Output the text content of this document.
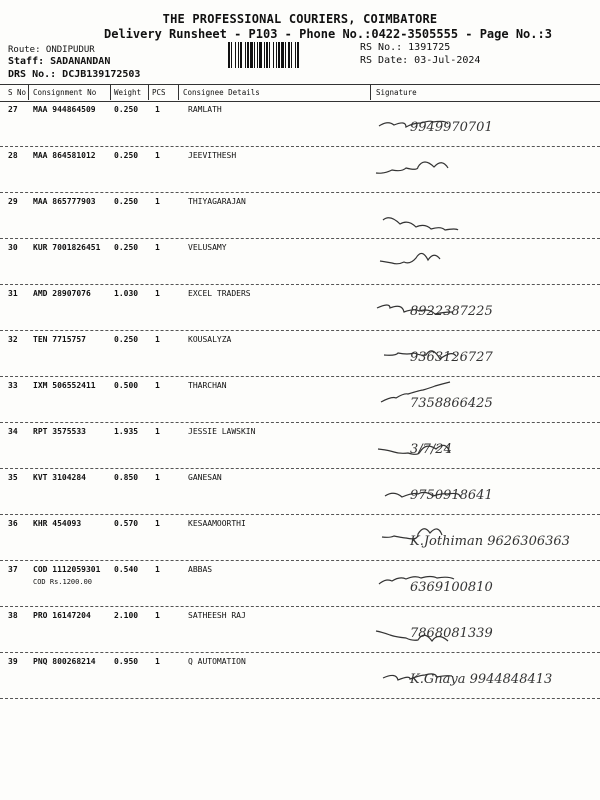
THE PROFESSIONAL COURIERS, COIMBATORE
Delivery Runsheet - P103 - Phone No.:0422-3505555 - Page No.:3
Route: ONDIPUDUR
Staff: SADANANDAN
DRS No.: DCJB139172503
RS No.: 1391725
RS Date: 03-Jul-2024
S No Consignment No Weight PCS Consignee Details	Signature
27 MAA 944864509 0.250 1	RAMLATH
9949970701
28 MAA 864581012 0.250 1	JEEVITHESH
29 MAA 865777903 0.250 1	THIYAGARAJAN
30 KUR 7001826451 0.250 1	VELUSAMY
31 AMD 28907076	1.030 1	EXCEL TRADERS
8922387225
32 TEN 7715757	0.250 1	KOUSALYZA
9363126727
33 IXM 506552411 0.500 1	THARCHAN
7358866425
34 RPT 3575533	1.935 1	JESSIE LAWSKIN
3/7/24
35 KVT 3104284	0.850 1	GANESAN
9750918641
36 KHR 454093	0.570 1	KESAAMOORTHI
K.Jothiman 9626306363
37 COD 1112059301 0.540 1	ABBAS
COD Rs.1200.00	6369100810
38 PRO 16147204	2.100 1	SATHEESH RAJ
7868081339
39 PNQ 800268214 0.950 1	Q AUTOMATION
K.Gnaya 9944848413
